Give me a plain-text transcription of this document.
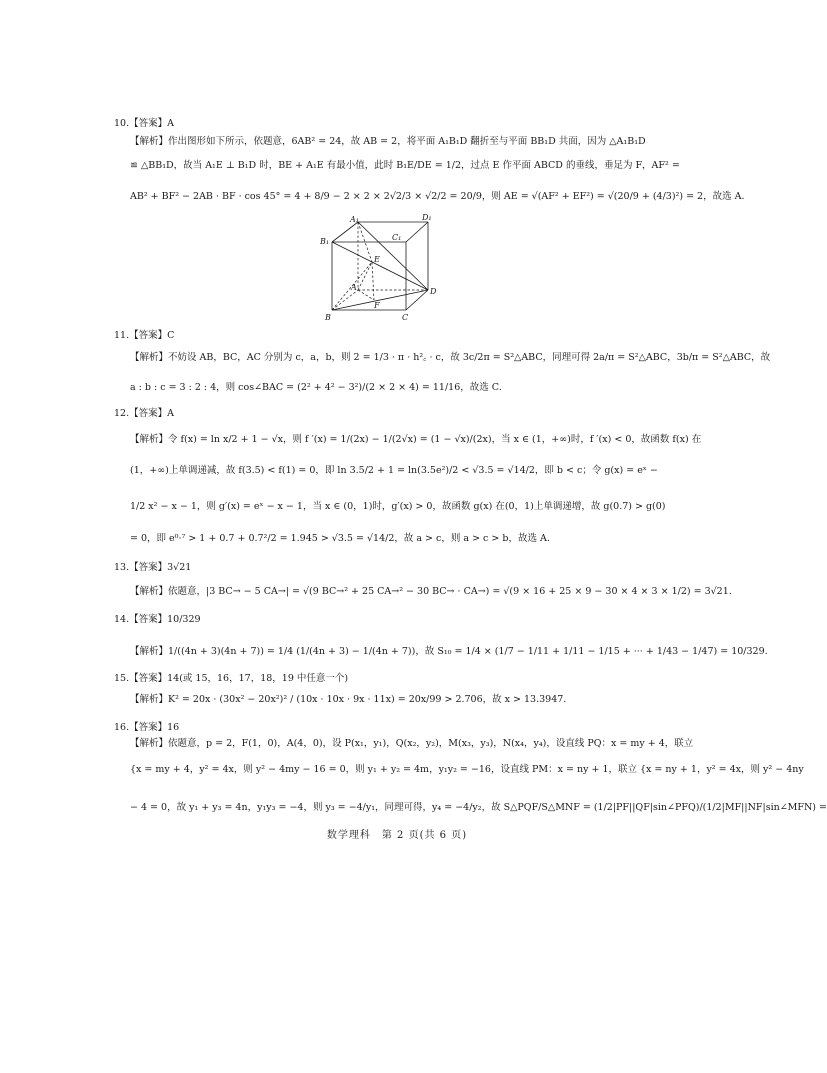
10.【答案】A
【解析】作出图形如下所示，依题意，6AB² = 24，故 AB = 2，将平面 A₁B₁D 翻折至与平面 BB₁D 共面，因为 △A₁B₁D
≌ △BB₁D，故当 A₁E ⊥ B₁D 时，BE + A₁E 有最小值，此时 B₁E/DE = 1/2，过点 E 作平面 ABCD 的垂线，垂足为 F，AF² =
AB² + BF² − 2AB · BF · cos 45° = 4 + 8/9 − 2 × 2 × 2√2/3 × √2/2 = 20/9，则 AE = √(AF² + EF²) = √(20/9 + (4/3)²) = 2，故选 A.
A₁	D₁
B₁	C₁
E
A	D
F
B	C
11.【答案】C
【解析】不妨设 AB，BC，AC 分别为 c，a，b，则 2 = 1/3 · π · h²꜀ · c，故 3c/2π = S²△ABC，同理可得 2a/π = S²△ABC，3b/π = S²△ABC，故
a : b : c = 3 : 2 : 4，则 cos∠BAC = (2² + 4² − 3²)/(2 × 2 × 4) = 11/16，故选 C.
12.【答案】A
【解析】令 f(x) = ln x/2 + 1 − √x，则 f ′(x) = 1/(2x) − 1/(2√x) = (1 − √x)/(2x)，当 x ∈ (1，+∞)时，f ′(x) < 0，故函数 f(x) 在
(1，+∞)上单调递减，故 f(3.5) < f(1) = 0，即 ln 3.5/2 + 1 = ln(3.5e²)/2 < √3.5 = √14/2，即 b < c；令 g(x) = eˣ −
1/2 x² − x − 1，则 g′(x) = eˣ − x − 1，当 x ∈ (0，1)时，g′(x) > 0，故函数 g(x) 在(0，1)上单调递增，故 g(0.7) > g(0)
= 0，即 e⁰·⁷ > 1 + 0.7 + 0.7²/2 = 1.945 > √3.5 = √14/2，故 a > c，则 a > c > b，故选 A.
13.【答案】3√21
【解析】依题意，|3 BC→ − 5 CA→| = √(9 BC→² + 25 CA→² − 30 BC→ · CA→) = √(9 × 16 + 25 × 9 − 30 × 4 × 3 × 1/2) = 3√21.
14.【答案】10/329
【解析】1/((4n + 3)(4n + 7)) = 1/4 (1/(4n + 3) − 1/(4n + 7))，故 S₁₀ = 1/4 × (1/7 − 1/11 + 1/11 − 1/15 + ··· + 1/43 − 1/47) = 10/329.
15.【答案】14(或 15，16，17，18，19 中任意一个)
【解析】K² = 20x · (30x² − 20x²)² / (10x · 10x · 9x · 11x) = 20x/99 > 2.706，故 x > 13.3947.
16.【答案】16
【解析】依题意，p = 2，F(1，0)，A(4，0)，设 P(x₁，y₁)，Q(x₂，y₂)，M(x₃，y₃)，N(x₄，y₄)，设直线 PQ：x = my + 4，联立
{x = my + 4，y² = 4x，则 y² − 4my − 16 = 0，则 y₁ + y₂ = 4m，y₁y₂ = −16，设直线 PM：x = ny + 1，联立 {x = ny + 1，y² = 4x，则 y² − 4ny
− 4 = 0，故 y₁ + y₃ = 4n，y₁y₃ = −4，则 y₃ = −4/y₁，同理可得，y₄ = −4/y₂，故 S△PQF/S△MNF = (1/2|PF||QF|sin∠PFQ)/(1/2|MF||NF|sin∠MFN) =
数学理科　第 2 页(共 6 页)
